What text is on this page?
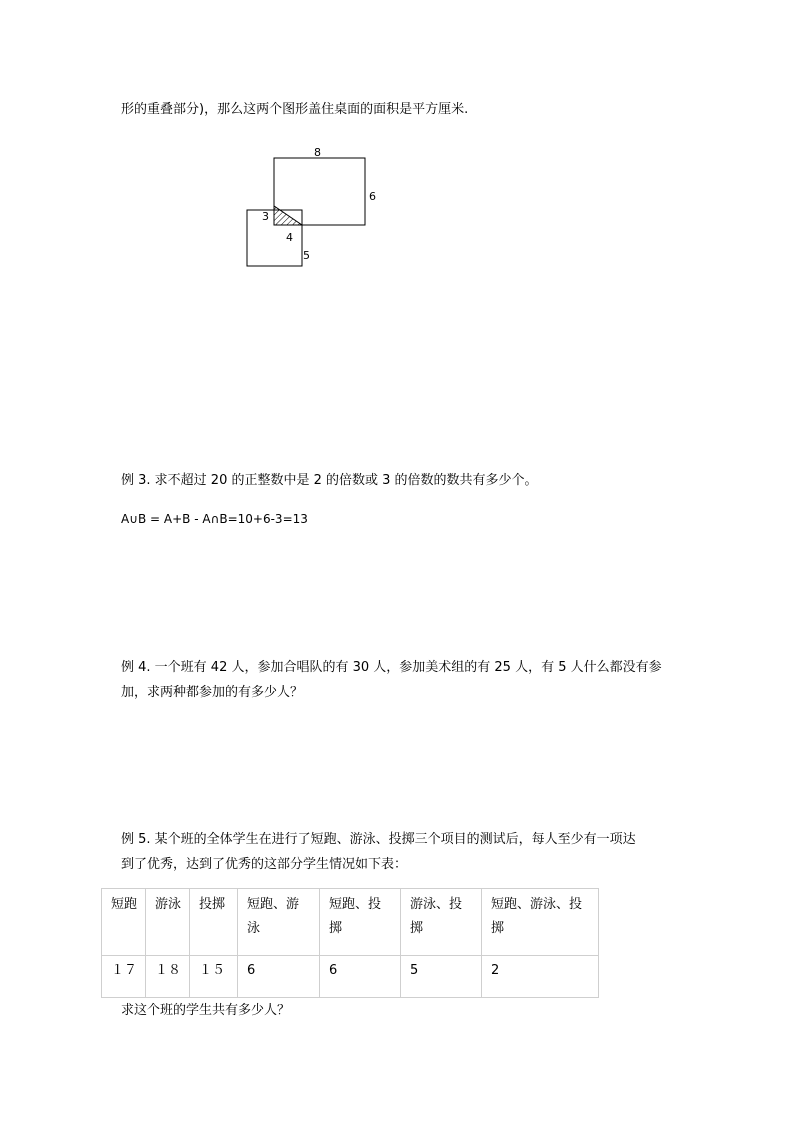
形的重叠部分)，那么这两个图形盖住桌面的面积是平方厘米.
8
6
3
4
5
例 3. 求不超过 20 的正整数中是 2 的倍数或 3 的倍数的数共有多少个。
A∪B = A+B - A∩B=10+6-3=13
例 4. 一个班有 42 人，参加合唱队的有 30 人，参加美术组的有 25 人，有 5 人什么都没有参
加，求两种都参加的有多少人？
例 5. 某个班的全体学生在进行了短跑、游泳、投掷三个项目的测试后，每人至少有一项达
到了优秀，达到了优秀的这部分学生情况如下表：
短跑	游泳	投掷	短跑、游泳	短跑、投掷	游泳、投掷	短跑、游泳、投掷
１７	１８	１５	6	6	5	2
求这个班的学生共有多少人？
